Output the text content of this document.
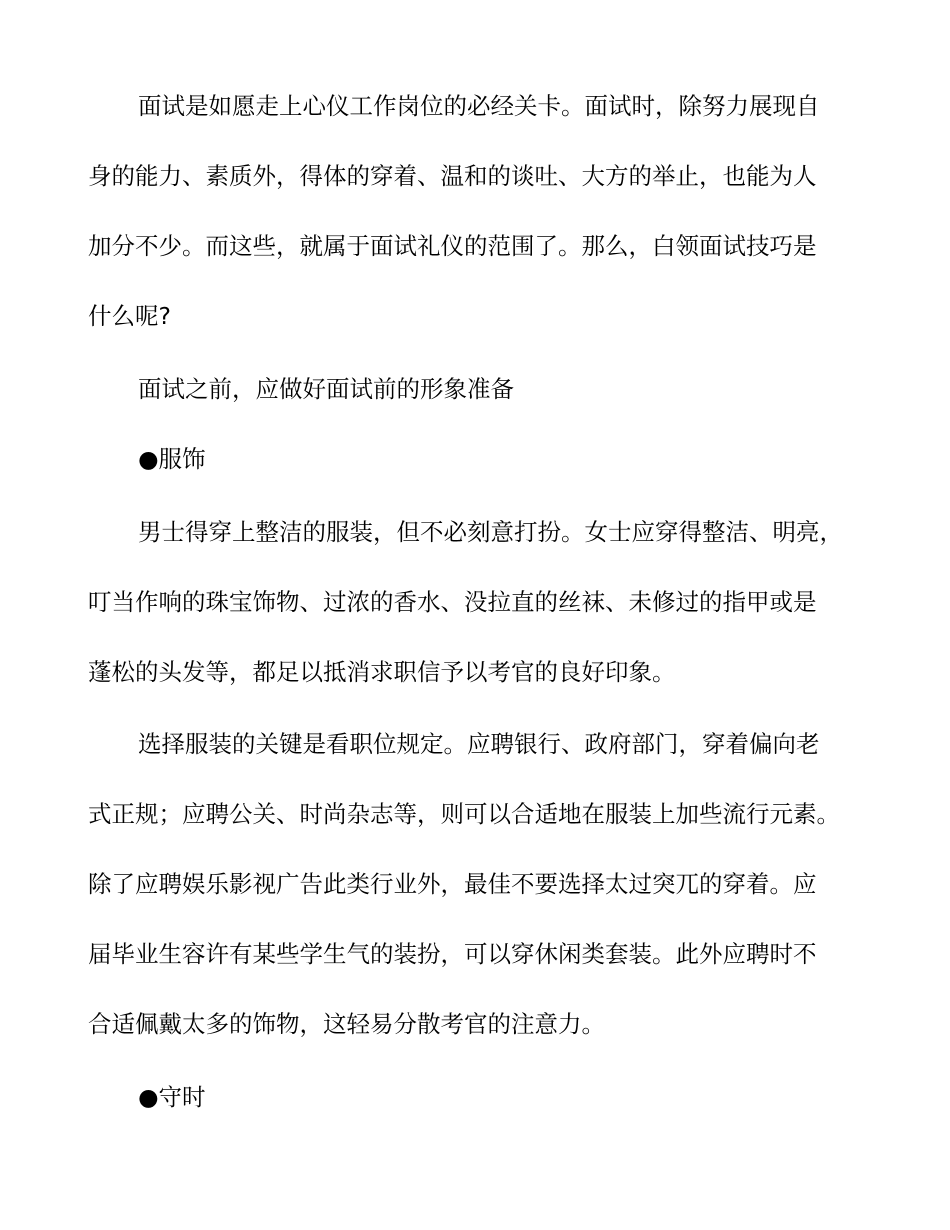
面试是如愿走上心仪工作岗位的必经关卡。面试时，除努力展现自
身的能力、素质外，得体的穿着、温和的谈吐、大方的举止，也能为人
加分不少。而这些，就属于面试礼仪的范围了。那么，白领面试技巧是
什么呢?
面试之前，应做好面试前的形象准备
●服饰
男士得穿上整洁的服装，但不必刻意打扮。女士应穿得整洁、明亮，
叮当作响的珠宝饰物、过浓的香水、没拉直的丝袜、未修过的指甲或是
蓬松的头发等，都足以抵消求职信予以考官的良好印象。
选择服装的关键是看职位规定。应聘银行、政府部门，穿着偏向老
式正规；应聘公关、时尚杂志等，则可以合适地在服装上加些流行元素。
除了应聘娱乐影视广告此类行业外，最佳不要选择太过突兀的穿着。应
届毕业生容许有某些学生气的装扮，可以穿休闲类套装。此外应聘时不
合适佩戴太多的饰物，这轻易分散考官的注意力。
●守时
